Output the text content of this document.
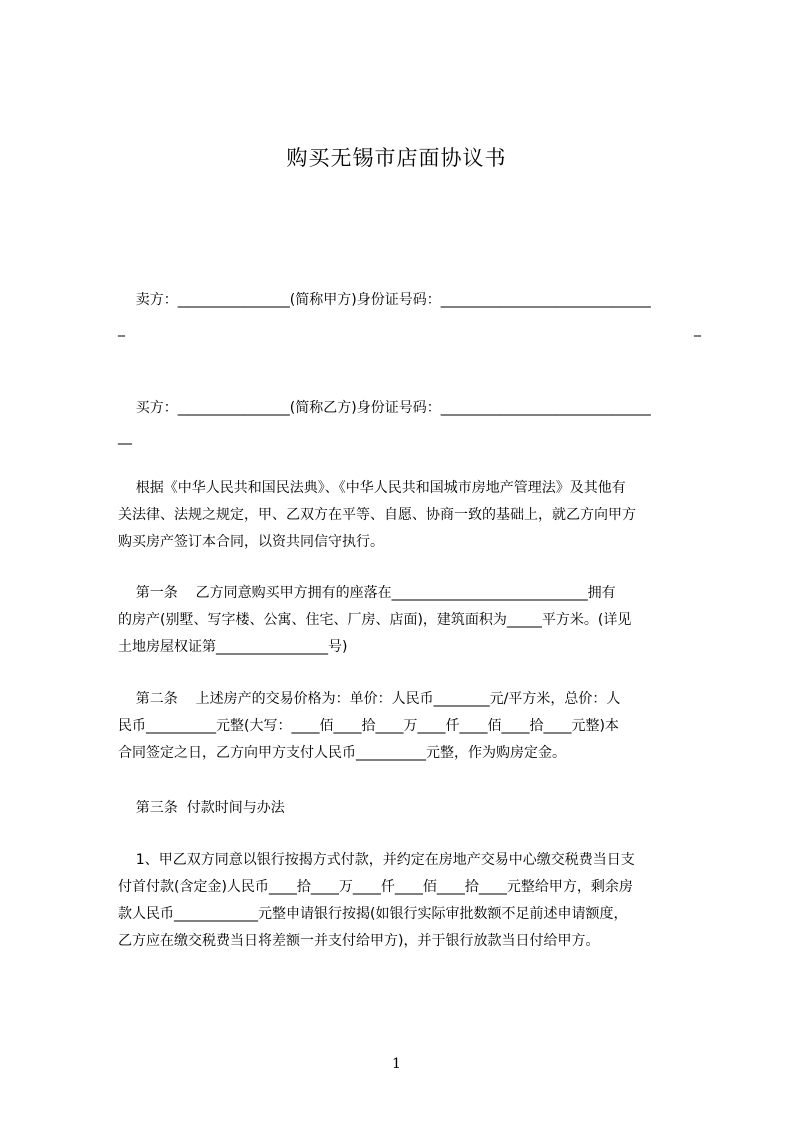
购买无锡市店面协议书
卖方：________________(简称甲方)身份证号码：______________________________
_	_
买方：________________(简称乙方)身份证号码：______________________________
__
根据《中华人民共和国民法典》、《中华人民共和国城市房地产管理法》及其他有
关法律、法规之规定，甲、乙双方在平等、自愿、协商一致的基础上，就乙方向甲方
购买房产签订本合同，以资共同信守执行。
第一条    乙方同意购买甲方拥有的座落在____________________________拥有
的房产(别墅、写字楼、公寓、住宅、厂房、店面)，建筑面积为_____平方米。(详见
土地房屋权证第________________号)
第二条    上述房产的交易价格为：单价：人民币________元/平方米，总价：人
民币__________元整(大写：____佰____拾____万____仟____佰____拾____元整)本
合同签定之日，乙方向甲方支付人民币__________元整，作为购房定金。
第三条  付款时间与办法
1、甲乙双方同意以银行按揭方式付款，并约定在房地产交易中心缴交税费当日支
付首付款(含定金)人民币____拾____万____仟____佰____拾____元整给甲方，剩余房
款人民币____________元整申请银行按揭(如银行实际审批数额不足前述申请额度，
乙方应在缴交税费当日将差额一并支付给甲方)，并于银行放款当日付给甲方。
1
